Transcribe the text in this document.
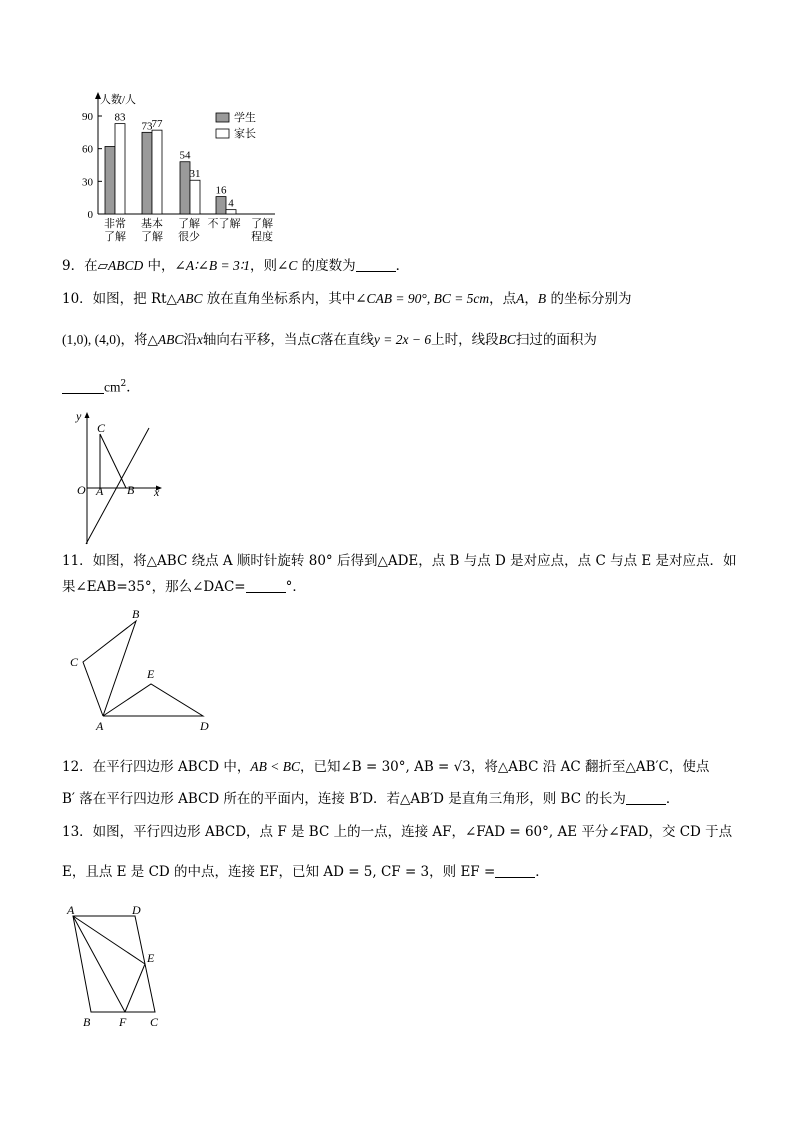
人数/人
0
30
60
90
73
54
16
83
77
31
4
非常
了解
基本
了解
了解
很少
不了解 了解
程度
学生
家长
9．在▱ABCD 中，∠A∶∠B = 3∶1，则∠C 的度数为	．
10．如图，把 Rt△ABC 放在直角坐标系内，其中∠CAB = 90°, BC = 5cm，点A，B 的坐标分别为
(1,0), (4,0)，将△ABC沿x轴向右平移，当点C落在直线y = 2x − 6上时，线段BC扫过的面积为
$cm^2$．
y
C
O A B x
11．如图，将△ABC 绕点 A 顺时针旋转 80° 后得到△ADE，点 B 与点 D 是对应点，点 C 与点 E 是对应点．如
果∠EAB=35°，那么∠DAC=	°．
B
C
E
A	D
12．在平行四边形 ABCD 中，AB < BC，已知∠B = 30°, AB = √3，将△ABC 沿 AC 翻折至△AB′C，使点
B′ 落在平行四边形 ABCD 所在的平面内，连接 B′D．若△AB′D 是直角三角形，则 BC 的长为	．
13．如图，平行四边形 ABCD，点 F 是 BC 上的一点，连接 AF，∠FAD = 60°, AE 平分∠FAD，交 CD 于点
E，且点 E 是 CD 的中点，连接 EF，已知 AD = 5, CF = 3，则 EF =	．
A	D
E
B F C
